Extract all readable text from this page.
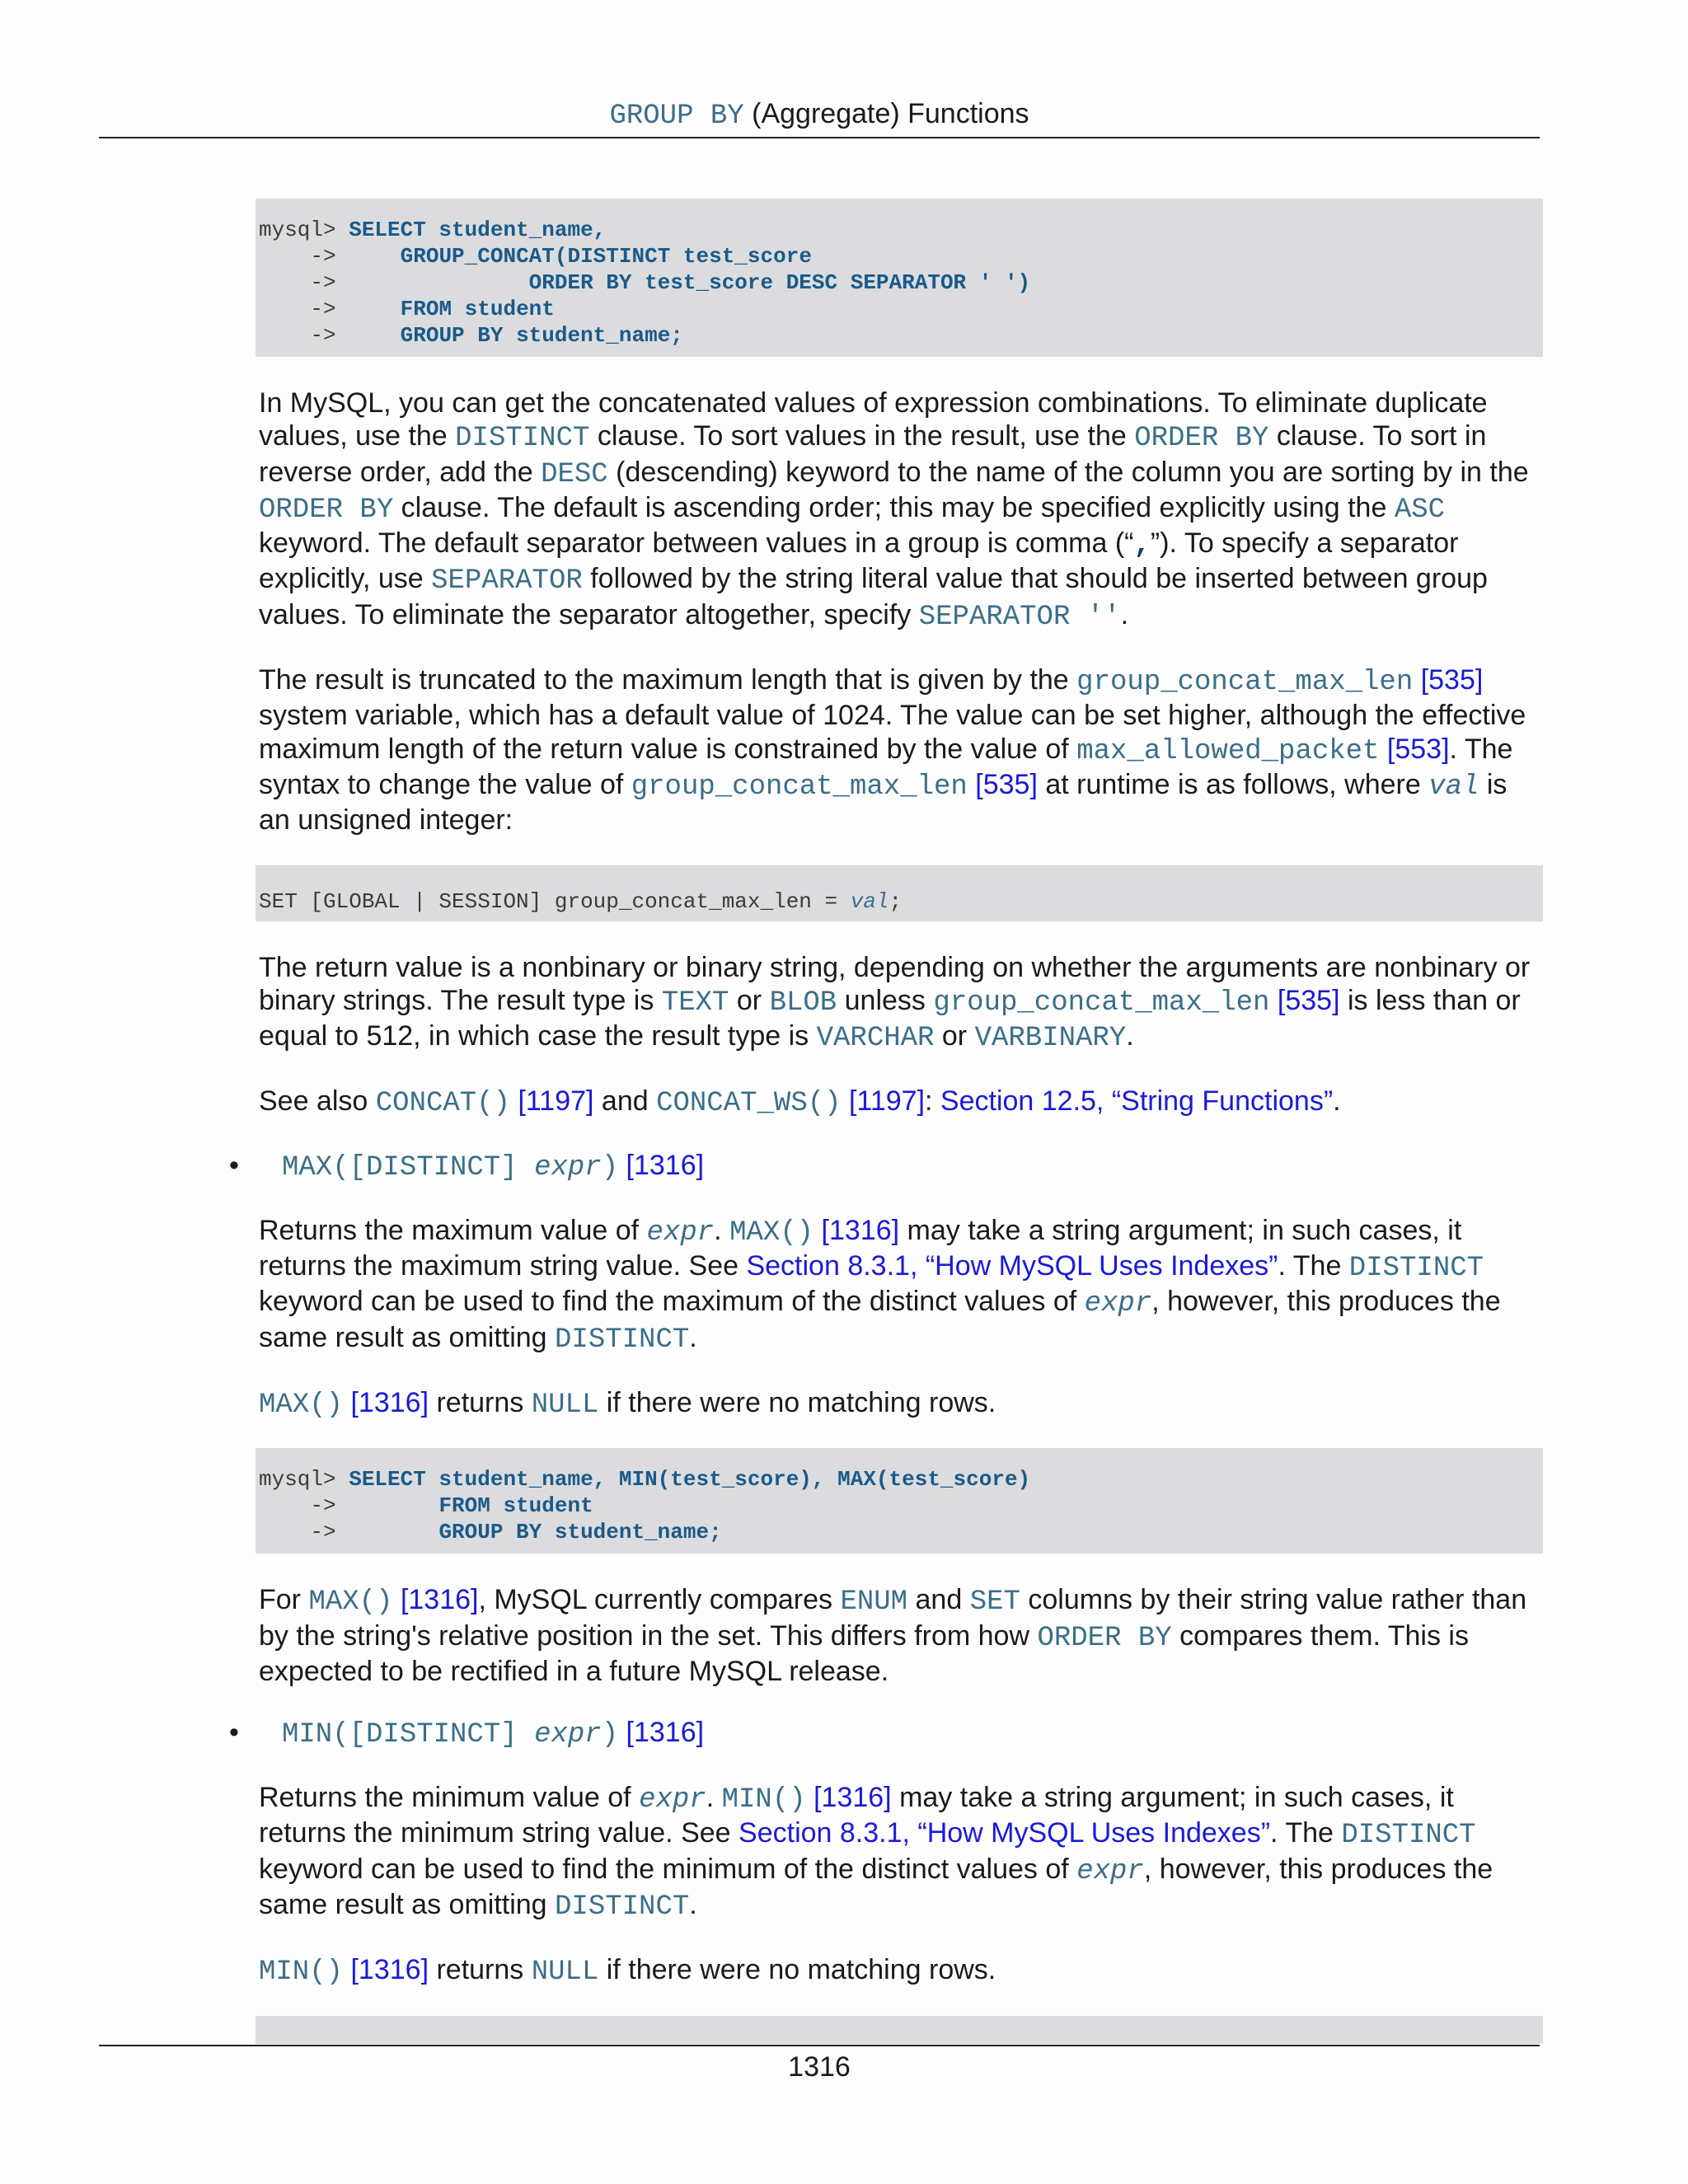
GROUP BY (Aggregate) Functions
mysql> SELECT student_name,
->     GROUP_CONCAT(DISTINCT test_score
->               ORDER BY test_score DESC SEPARATOR ' ')
->     FROM student
->     GROUP BY student_name;

In MySQL, you can get the concatenated values of expression combinations. To eliminate duplicate values, use the DISTINCT clause. To sort values in the result, use the ORDER BY clause. To sort in reverse order, add the DESC (descending) keyword to the name of the column you are sorting by in the ORDER BY clause. The default is ascending order; this may be specified explicitly using the ASC keyword. The default separator between values in a group is comma (“,”). To specify a separator explicitly, use SEPARATOR followed by the string literal value that should be inserted between group values. To eliminate the separator altogether, specify SEPARATOR ''.

The result is truncated to the maximum length that is given by the group_concat_max_len [535] system variable, which has a default value of 1024. The value can be set higher, although the effective maximum length of the return value is constrained by the value of max_allowed_packet [553]. The syntax to change the value of group_concat_max_len [535] at runtime is as follows, where val is an unsigned integer:

SET [GLOBAL | SESSION] group_concat_max_len = val;

The return value is a nonbinary or binary string, depending on whether the arguments are nonbinary or binary strings. The result type is TEXT or BLOB unless group_concat_max_len [535] is less than or equal to 512, in which case the result type is VARCHAR or VARBINARY.

See also CONCAT() [1197] and CONCAT_WS() [1197]: Section 12.5, “String Functions”.

• MAX([DISTINCT] expr) [1316]

Returns the maximum value of expr. MAX() [1316] may take a string argument; in such cases, it returns the maximum string value. See Section 8.3.1, “How MySQL Uses Indexes”. The DISTINCT keyword can be used to find the maximum of the distinct values of expr, however, this produces the same result as omitting DISTINCT.

MAX() [1316] returns NULL if there were no matching rows.

mysql> SELECT student_name, MIN(test_score), MAX(test_score)
->        FROM student
->        GROUP BY student_name;

For MAX() [1316], MySQL currently compares ENUM and SET columns by their string value rather than by the string's relative position in the set. This differs from how ORDER BY compares them. This is expected to be rectified in a future MySQL release.

• MIN([DISTINCT] expr) [1316]

Returns the minimum value of expr. MIN() [1316] may take a string argument; in such cases, it returns the minimum string value. See Section 8.3.1, “How MySQL Uses Indexes”. The DISTINCT keyword can be used to find the minimum of the distinct values of expr, however, this produces the same result as omitting DISTINCT.

MIN() [1316] returns NULL if there were no matching rows.

1316
